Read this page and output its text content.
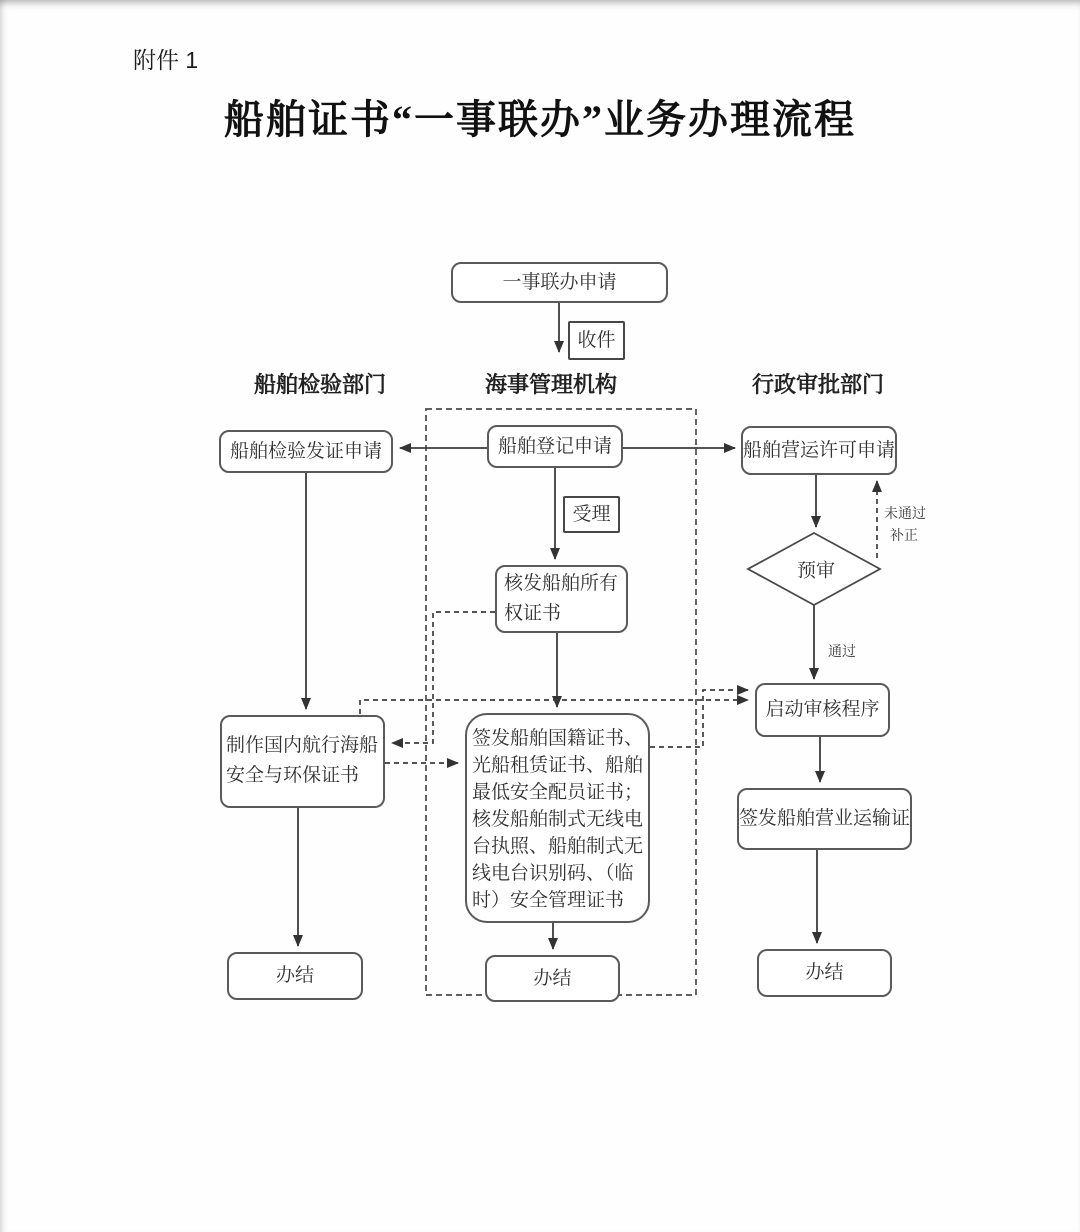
附件 1
船舶证书“一事联办”业务办理流程
船舶检验部门	海事管理机构	行政审批部门
一事联办申请
收件
船舶检验发证申请	船舶登记申请	船舶营运许可申请
受理
核发船舶所有权证书
预审
未通过
补正
通过
启动审核程序
制作国内航行海船安全与环保证书
签发船舶国籍证书、光船租赁证书、船舶最低安全配员证书；核发船舶制式无线电台执照、船舶制式无线电台识别码、（临时）安全管理证书
签发船舶营业运输证
办结	办结	办结
